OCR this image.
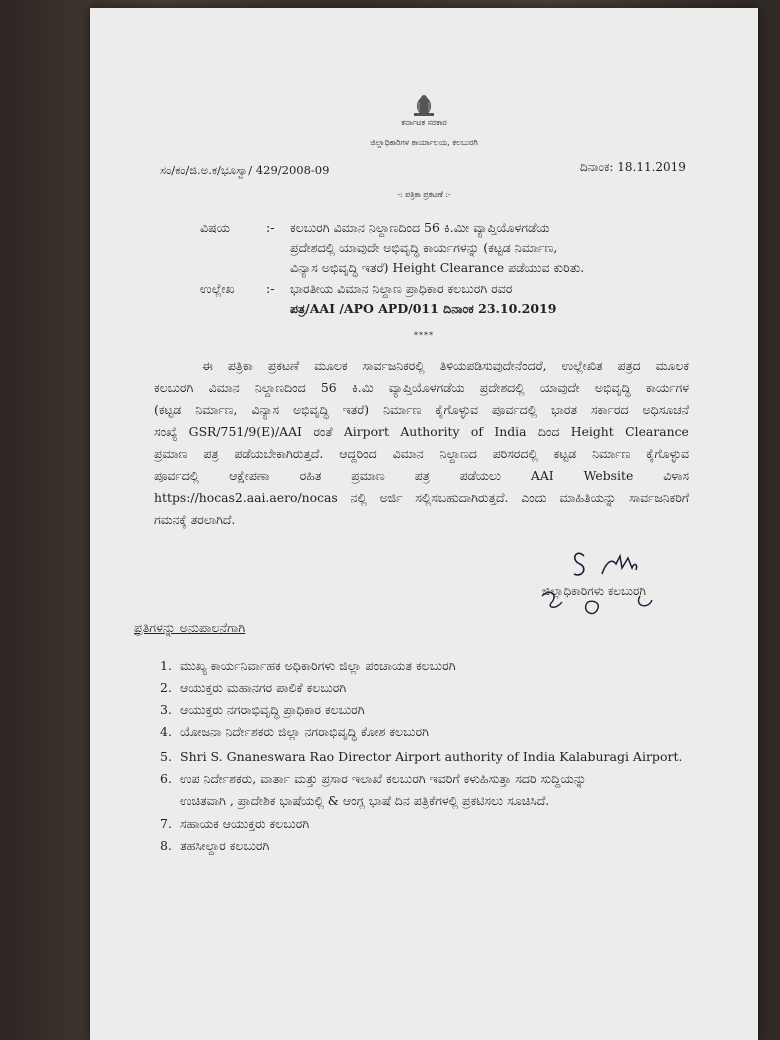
ಕರ್ನಾಟಕ ಸರಕಾರ
ಜಿಲ್ಲಾಧಿಕಾರಿಗಳ ಕಾರ್ಯಾಲಯ, ಕಲಬುರಗಿ
ಸಂ/ಕಂ/ಜಿ.ಅ.ಕ/ಭೂಸ್ವಾ/ 429/2008-09	ದಿನಾಂಕ: 18.11.2019
-: ಪತ್ರಿಕಾ ಪ್ರಕಟಣೆ :-
ವಿಷಯ	:- ಕಲಬುರಗಿ ವಿಮಾನ ನಿಲ್ದಾಣದಿಂದ 56 ಕಿ.ಮೀ ವ್ಯಾಪ್ತಿಯೊಳಗಡೆಯ
ಪ್ರದೇಶದಲ್ಲಿ ಯಾವುದೇ ಅಭಿವೃದ್ಧಿ ಕಾರ್ಯಗಳನ್ನು (ಕಟ್ಟಡ ನಿರ್ಮಾಣ,
ವಿನ್ಯಾಸ ಅಭಿವೃದ್ಧಿ ಇತರೆ) Height Clearance ಪಡೆಯುವ ಕುರಿತು.
ಉಲ್ಲೇಖ :- ಭಾರತೀಯ ವಿಮಾನ ನಿಲ್ದಾಣ ಪ್ರಾಧಿಕಾರ ಕಲಬುರಗಿ ರವರ
ಪತ್ರ/AAI /APO APD/011 ದಿನಾಂಕ 23.10.2019
****
ಈ ಪತ್ರಿಕಾ ಪ್ರಕಟಣೆ ಮೂಲಕ ಸಾರ್ವಜನಿಕರಲ್ಲಿ ತಿಳಿಯಪಡಿಸುವುದೇನೆಂದರೆ, ಉಲ್ಲೇಖಿತ ಪತ್ರದ ಮೂಲಕ
ಕಲಬುರಗಿ ವಿಮಾನ ನಿಲ್ದಾಣದಿಂದ 56 ಕಿ.ಮಿ ವ್ಯಾಪ್ತಿಯೊಳಗಡೆಯ ಪ್ರದೇಶದಲ್ಲಿ ಯಾವುದೇ ಅಭಿವೃದ್ಧಿ ಕಾರ್ಯಗಳ
(ಕಟ್ಟಡ ನಿರ್ಮಾಣ, ವಿನ್ಯಾಸ ಅಭಿವೃದ್ಧಿ ಇತರೆ) ನಿರ್ಮಾಣ ಕೈಗೊಳ್ಳುವ ಪೂರ್ವದಲ್ಲಿ ಭಾರತ ಸರ್ಕಾರದ ಅಧಿಸೂಚನೆ
ಸಂಖ್ಯೆ GSR/751/9(E)/AAI ರಂತೆ Airport Authority of India ದಿಂದ Height Clearance
ಪ್ರಮಾಣ ಪತ್ರ ಪಡೆಯಬೇಕಾಗಿರುತ್ತದೆ. ಆದ್ದರಿಂದ ವಿಮಾನ ನಿಲ್ದಾಣದ ಪರಿಸರದಲ್ಲಿ ಕಟ್ಟಡ ನಿರ್ಮಾಣ ಕೈಗೊಳ್ಳುವ
ಪೂರ್ವದಲ್ಲಿ ಆಕ್ಷೇಪಣಾ ರಹಿತ ಪ್ರಮಾಣ ಪತ್ರ ಪಡೆಯಲು AAI Website ವಿಳಾಸ
https://hocas2.aai.aero/nocas ನಲ್ಲಿ ಅರ್ಜಿ ಸಲ್ಲಿಸಬಹುದಾಗಿರುತ್ತದೆ. ಎಂದು ಮಾಹಿತಿಯನ್ನು ಸಾರ್ವಜನಿಕರಿಗೆ
ಗಮನಕ್ಕೆ ತರಲಾಗಿದೆ.
ಜಿಲ್ಲಾಧಿಕಾರಿಗಳು ಕಲಬುರಗಿ
ಪ್ರತಿಗಳನ್ನು ಅನುಪಾಲನೆಗಾಗಿ
1. ಮುಖ್ಯ ಕಾರ್ಯನಿರ್ವಾಹಕ ಅಧಿಕಾರಿಗಳು ಜಿಲ್ಲಾ ಪಂಚಾಯತ ಕಲಬುರಗಿ
2. ಆಯುಕ್ತರು ಮಹಾನಗರ ಪಾಲಿಕೆ ಕಲಬುರಗಿ
3. ಆಯುಕ್ತರು ನಗರಾಭಿವೃದ್ಧಿ ಪ್ರಾಧಿಕಾರ ಕಲಬುರಗಿ
4. ಯೋಜನಾ ನಿರ್ದೇಶಕರು ಜಿಲ್ಲಾ ನಗರಾಭಿವೃದ್ಧಿ ಕೋಶ ಕಲಬುರಗಿ
5. Shri S. Gnaneswara Rao Director Airport authority of India Kalaburagi Airport.
6. ಉಪ ನಿರ್ದೇಶಕರು, ವಾರ್ತಾ ಮತ್ತು ಪ್ರಸಾರ ಇಲಾಖೆ ಕಲಬುರಗಿ ಇವರಿಗೆ ಕಳುಹಿಸುತ್ತಾ ಸದರಿ ಸುದ್ದಿಯನ್ನು
ಉಚಿತವಾಗಿ , ಪ್ರಾದೇಶಿಕ ಭಾಷೆಯಲ್ಲಿ & ಆಂಗ್ಲ ಭಾಷೆ ದಿನ ಪತ್ರಿಕೆಗಳಲ್ಲಿ ಪ್ರಕಟಿಸಲು ಸೂಚಿಸಿದೆ.
7. ಸಹಾಯಕ ಆಯುಕ್ತರು ಕಲಬುರಗಿ
8. ತಹಸೀಲ್ದಾರ ಕಲಬುರಗಿ
